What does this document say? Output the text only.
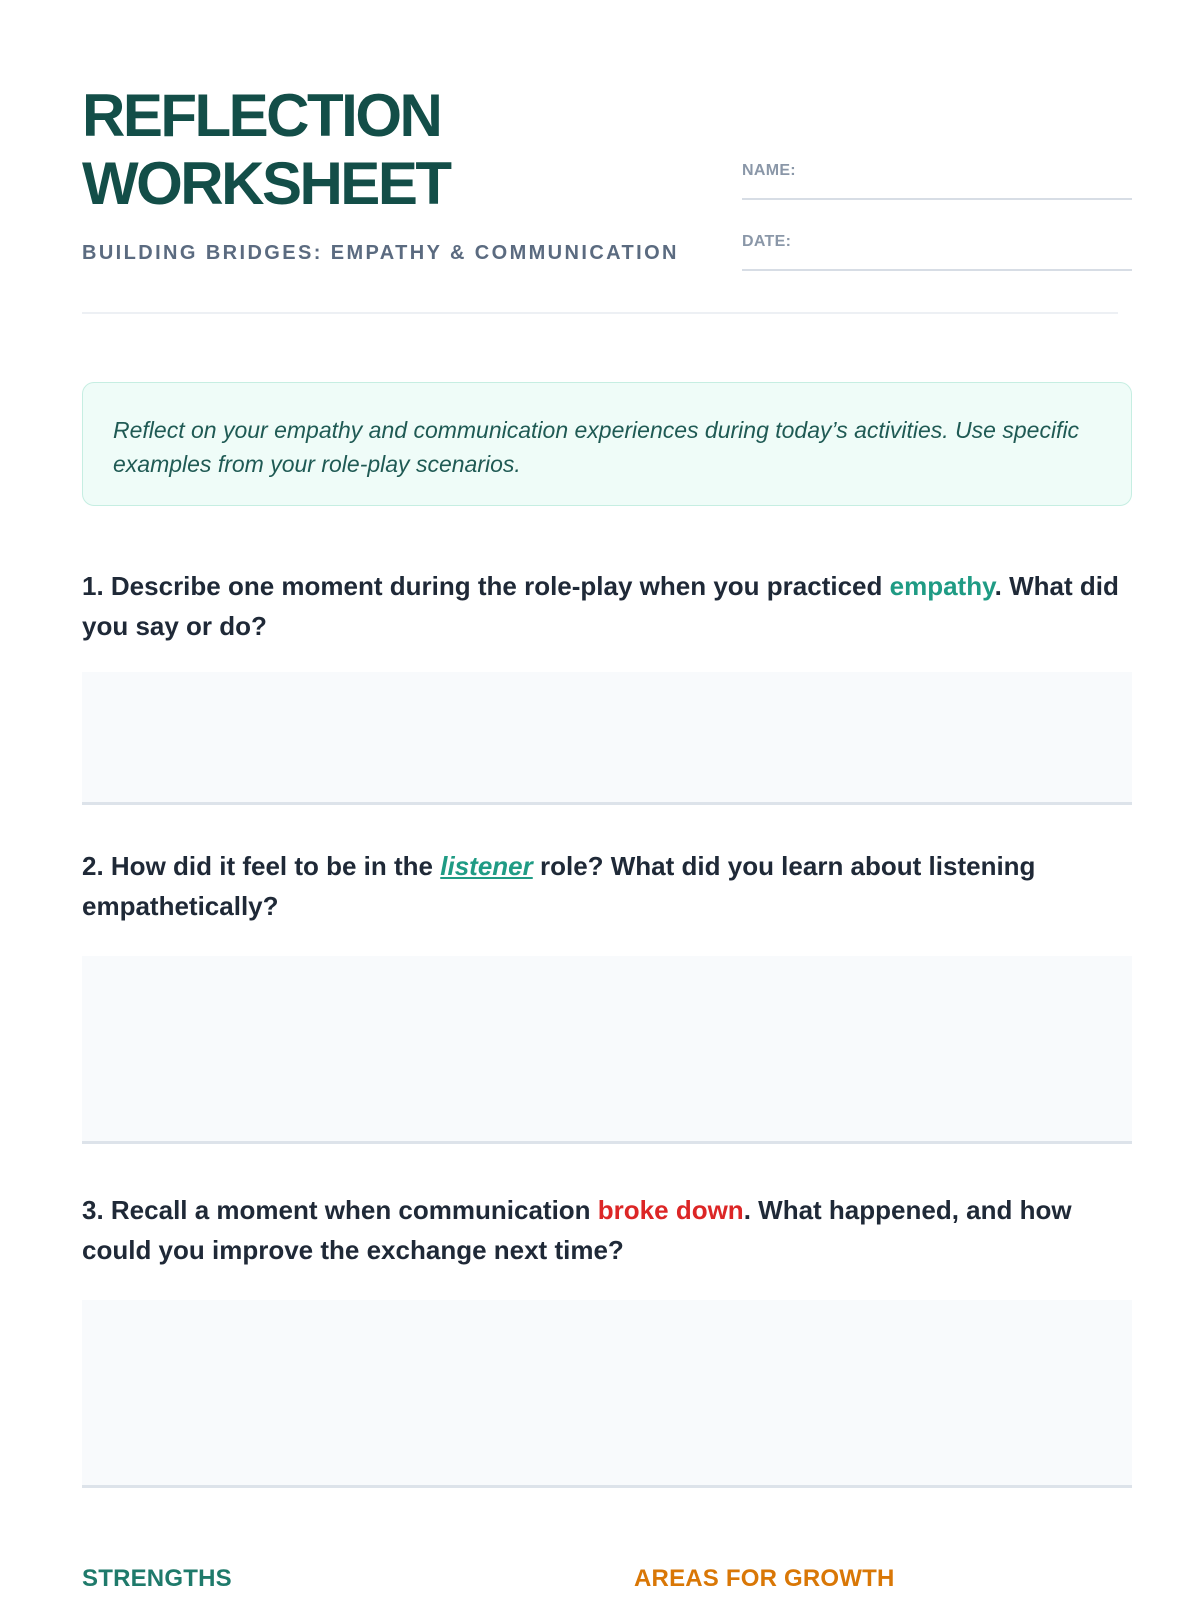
REFLECTION
WORKSHEET
BUILDING BRIDGES: EMPATHY & COMMUNICATION
NAME:
DATE:
Reflect on your empathy and communication experiences during today’s activities. Use specific examples from your role-play scenarios.

1. Describe one moment during the role-play when you practiced empathy. What did you say or do?

2. How did it feel to be in the listener role? What did you learn about listening empathetically?

3. Recall a moment when communication broke down. What happened, and how could you improve the exchange next time?

STRENGTHS	AREAS FOR GROWTH
